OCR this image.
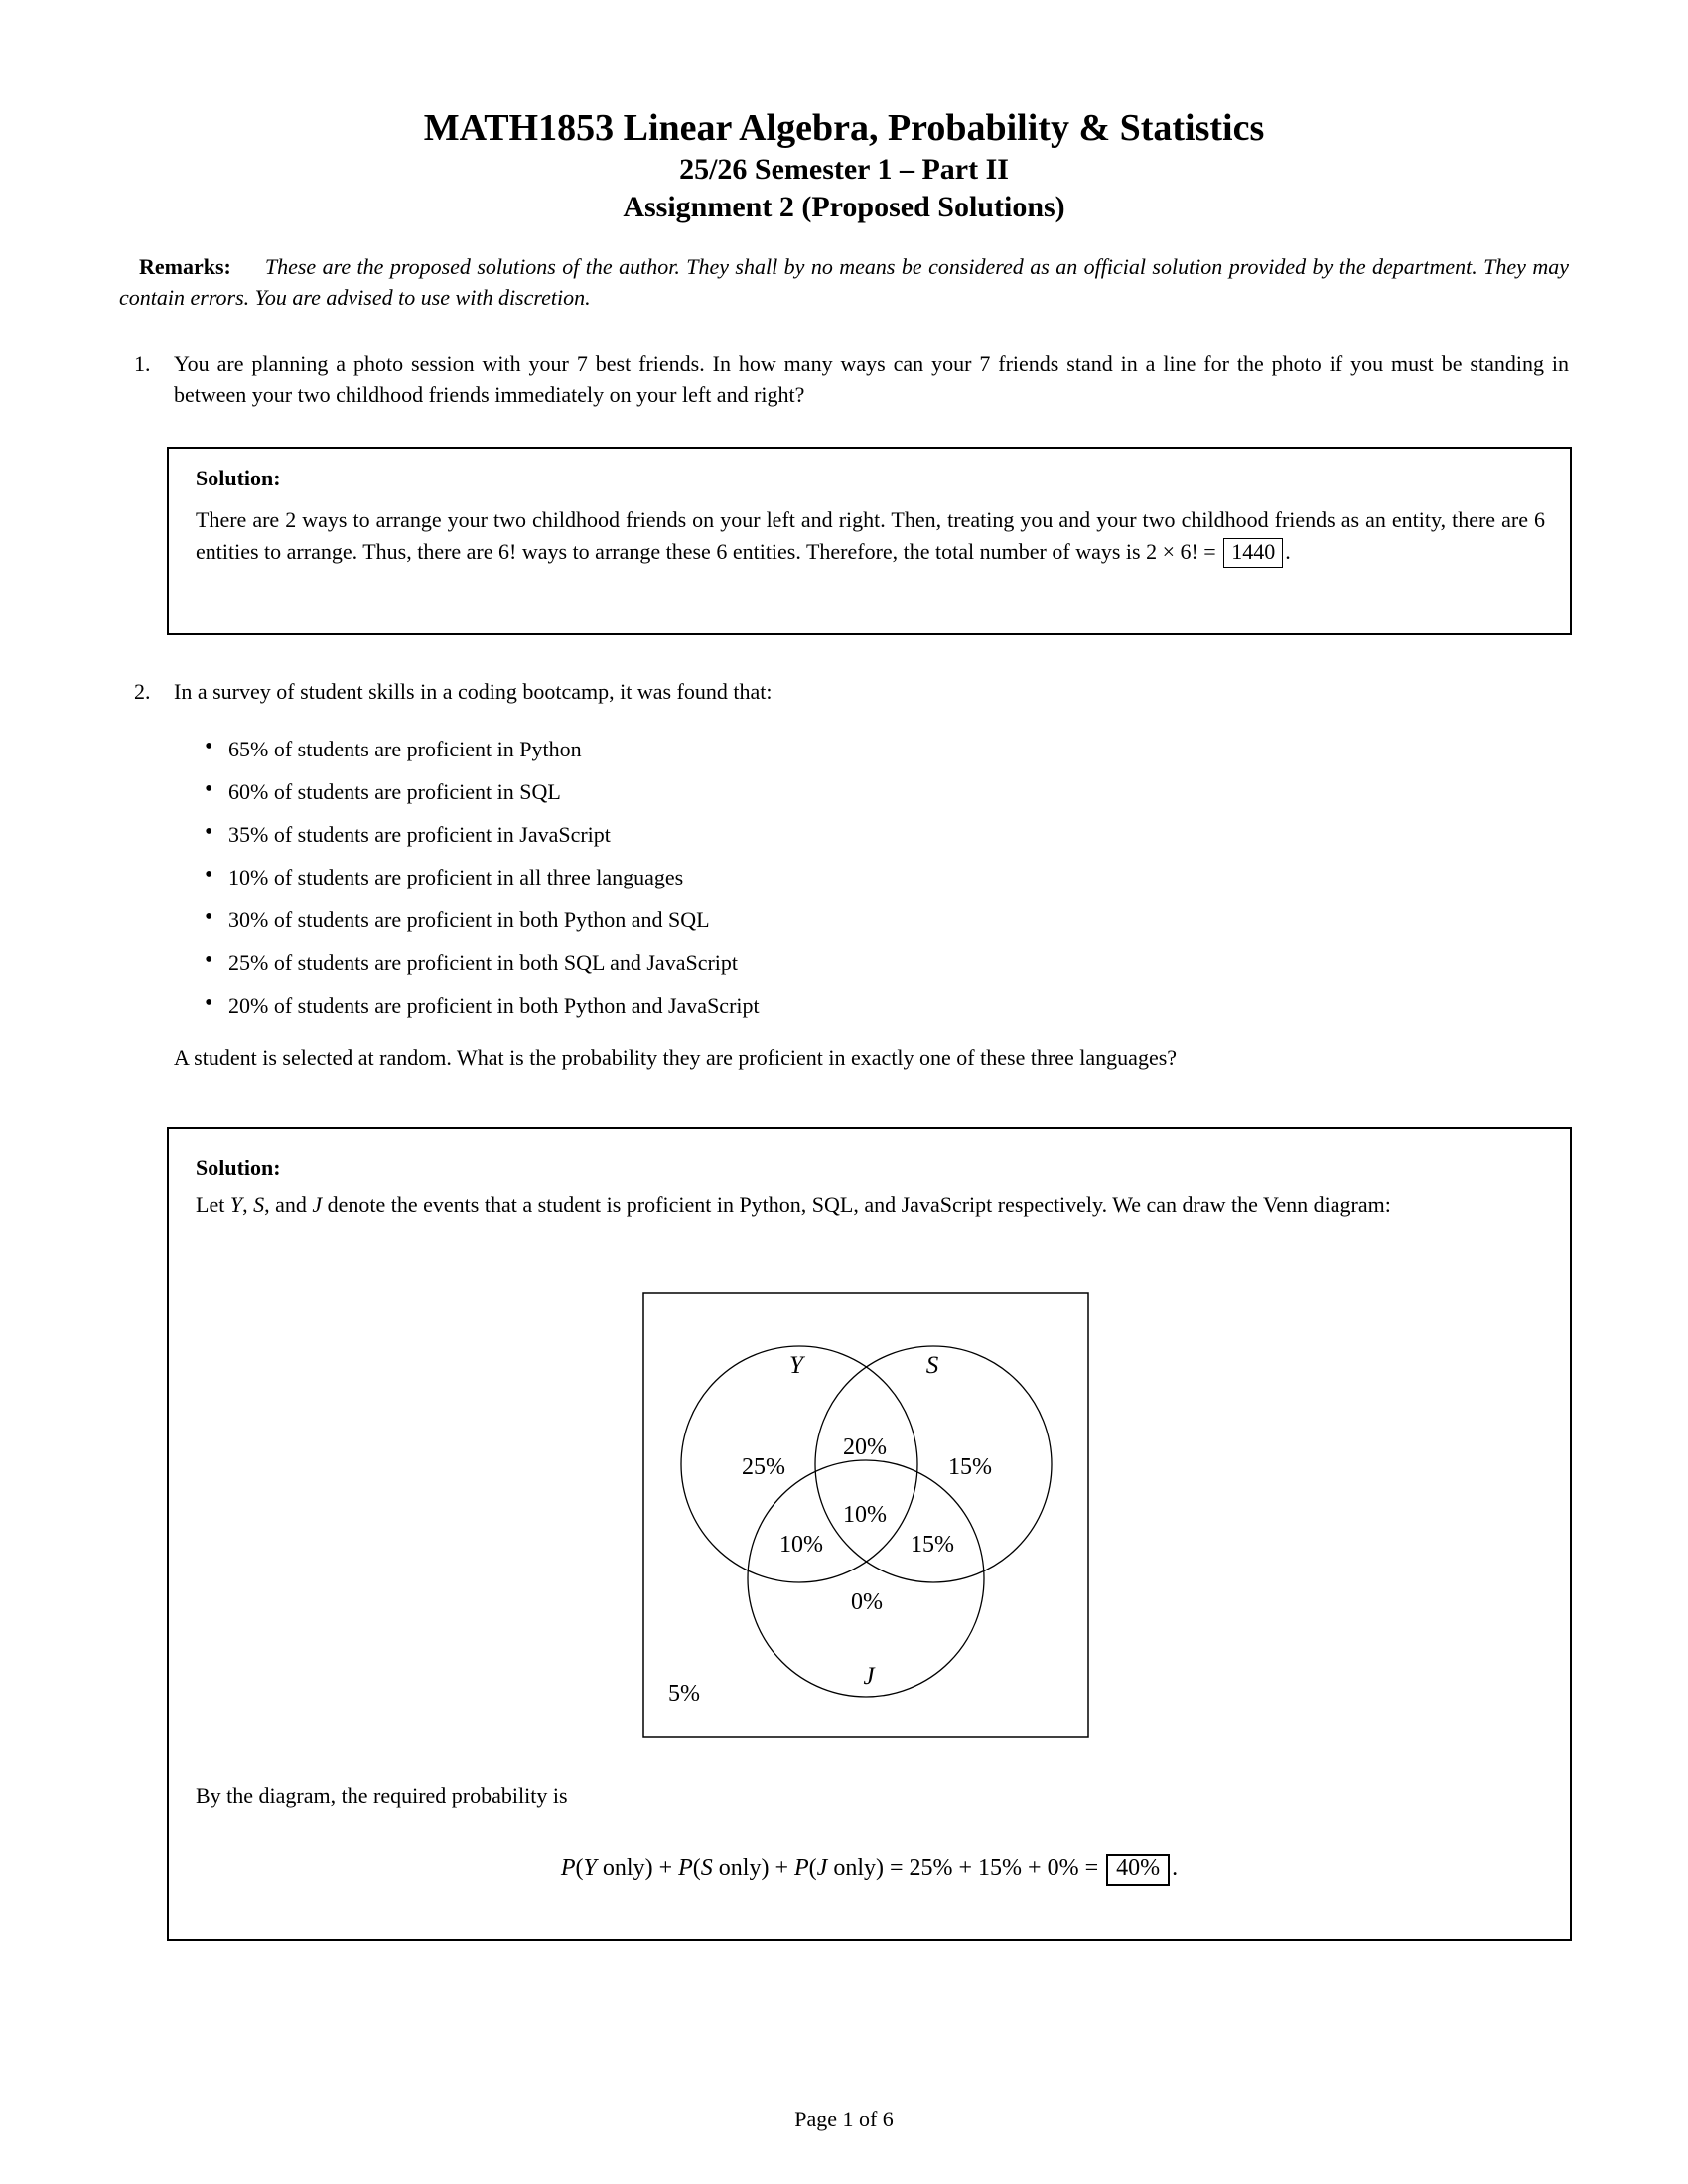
MATH1853 Linear Algebra, Probability & Statistics
25/26 Semester 1 – Part II
Assignment 2 (Proposed Solutions)

Remarks: These are the proposed solutions of the author. They shall by no means be considered as an official solution provided by the department. They may contain errors. You are advised to use with discretion.

1. You are planning a photo session with your 7 best friends. In how many ways can your 7 friends stand in a line for the photo if you must be standing in between your two childhood friends immediately on your left and right?
Solution:

There are 2 ways to arrange your two childhood friends on your left and right. Then, treating you and your two childhood friends as an entity, there are 6 entities to arrange. Thus, there are 6! ways to arrange these 6 entities. Therefore, the total number of ways is 2 × 6! = 1440 .

2. In a survey of student skills in a coding bootcamp, it was found that:
• 65% of students are proficient in Python
• 60% of students are proficient in SQL
• 35% of students are proficient in JavaScript
• 10% of students are proficient in all three languages
• 30% of students are proficient in both Python and SQL
• 25% of students are proficient in both SQL and JavaScript
• 20% of students are proficient in both Python and JavaScript

A student is selected at random. What is the probability they are proficient in exactly one of these three languages?

Solution:

Let Y, S, and J denote the events that a student is proficient in Python, SQL, and JavaScript respectively. We can draw the Venn diagram:

Y	S
J
25%
20%
15%
10%
10%	15%
0%
5%

By the diagram, the required probability is

P(Y only) + P(S only) + P(J only) = 25% + 15% + 0% = 40% .
Page 1 of 6
